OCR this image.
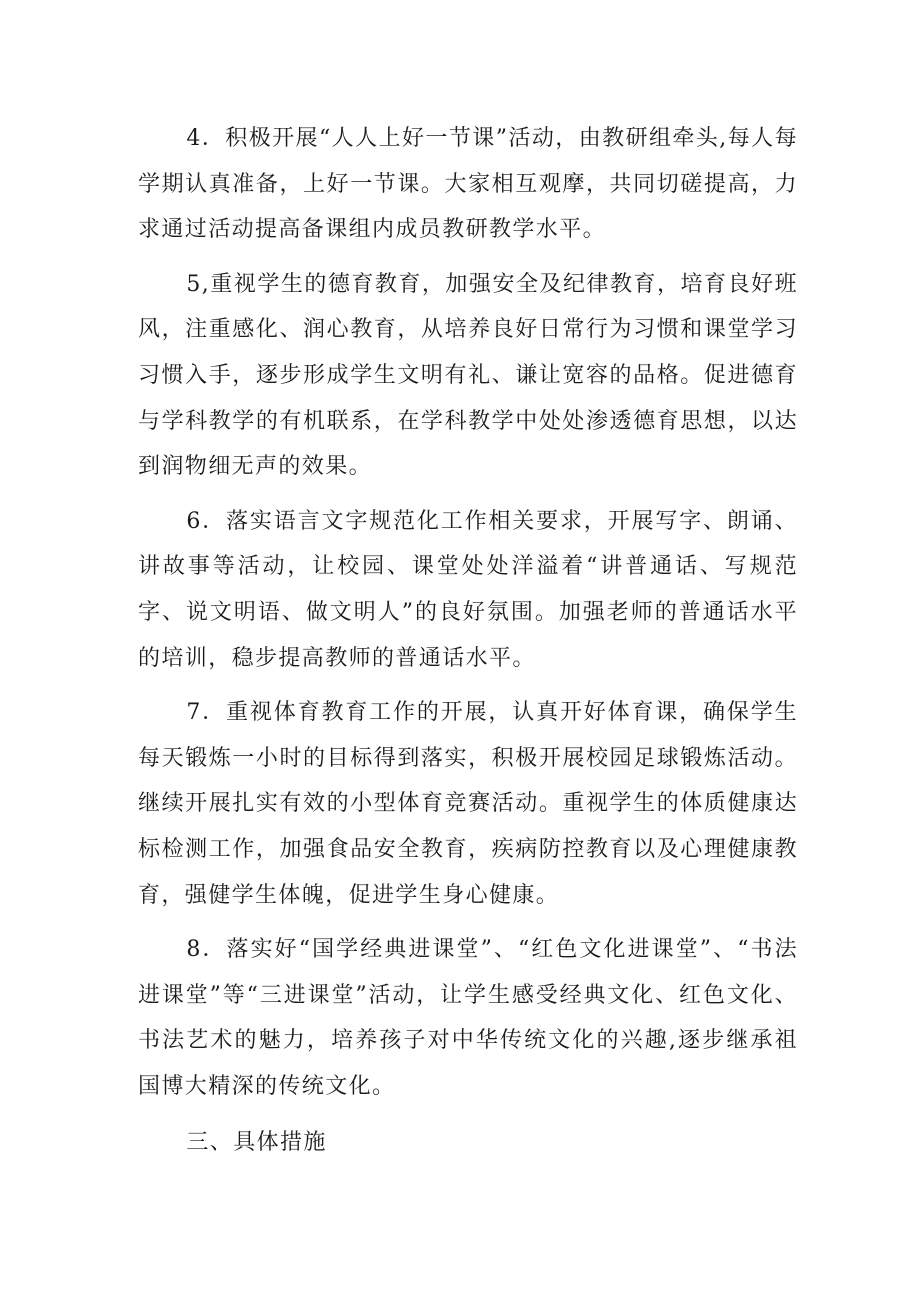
4．积极开展“人人上好一节课”活动，由教研组牵头,每人每学期认真准备，上好一节课。大家相互观摩，共同切磋提高，力求通过活动提高备课组内成员教研教学水平。

5,重视学生的德育教育，加强安全及纪律教育，培育良好班风，注重感化、润心教育，从培养良好日常行为习惯和课堂学习习惯入手，逐步形成学生文明有礼、谦让宽容的品格。促进德育与学科教学的有机联系，在学科教学中处处渗透德育思想，以达到润物细无声的效果。

6．落实语言文字规范化工作相关要求，开展写字、朗诵、讲故事等活动，让校园、课堂处处洋溢着“讲普通话、写规范字、说文明语、做文明人”的良好氛围。加强老师的普通话水平的培训，稳步提高教师的普通话水平。

7．重视体育教育工作的开展，认真开好体育课，确保学生每天锻炼一小时的目标得到落实，积极开展校园足球锻炼活动。继续开展扎实有效的小型体育竞赛活动。重视学生的体质健康达标检测工作，加强食品安全教育，疾病防控教育以及心理健康教育，强健学生体魄，促进学生身心健康。

8．落实好“国学经典进课堂”、“红色文化进课堂”、“书法进课堂”等“三进课堂”活动，让学生感受经典文化、红色文化、书法艺术的魅力，培养孩子对中华传统文化的兴趣,逐步继承祖国博大精深的传统文化。

三、具体措施
